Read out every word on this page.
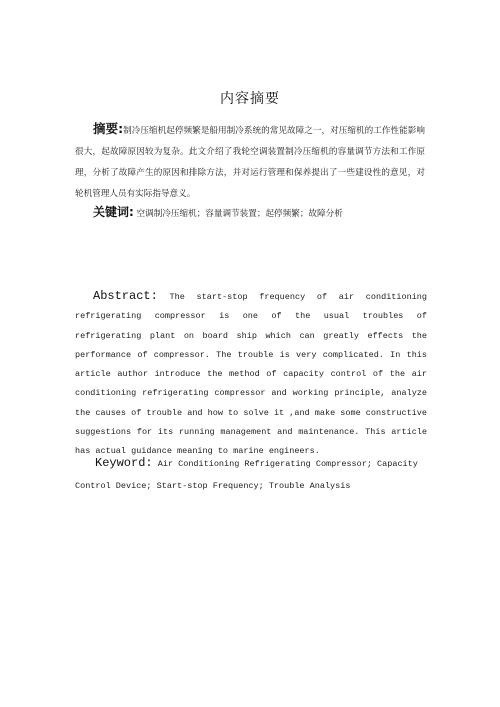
内容摘要
摘要:制冷压缩机起停频繁是船用制冷系统的常见故障之一，对压缩机的工作性能影响很大，起故障原因较为复杂。此文介绍了我轮空调装置制冷压缩机的容量调节方法和工作原理，分析了故障产生的原因和排除方法，并对运行管理和保养提出了一些建设性的意见，对轮机管理人员有实际指导意义。
关键词: 空调制冷压缩机；容量调节装置；起停频繁；故障分析
Abstract: The start-stop frequency of air conditioning refrigerating compressor is one of the usual troubles of refrigerating plant on board ship which can greatly effects the performance of compressor. The trouble is very complicated. In this article author introduce the method of capacity control of the air conditioning refrigerating compressor and working principle, analyze the causes of trouble and how to solve it ,and make some constructive suggestions for its running management and maintenance. This article has actual guidance meaning to marine engineers.
Keyword: Air Conditioning Refrigerating Compressor; Capacity Control Device; Start-stop Frequency; Trouble Analysis
